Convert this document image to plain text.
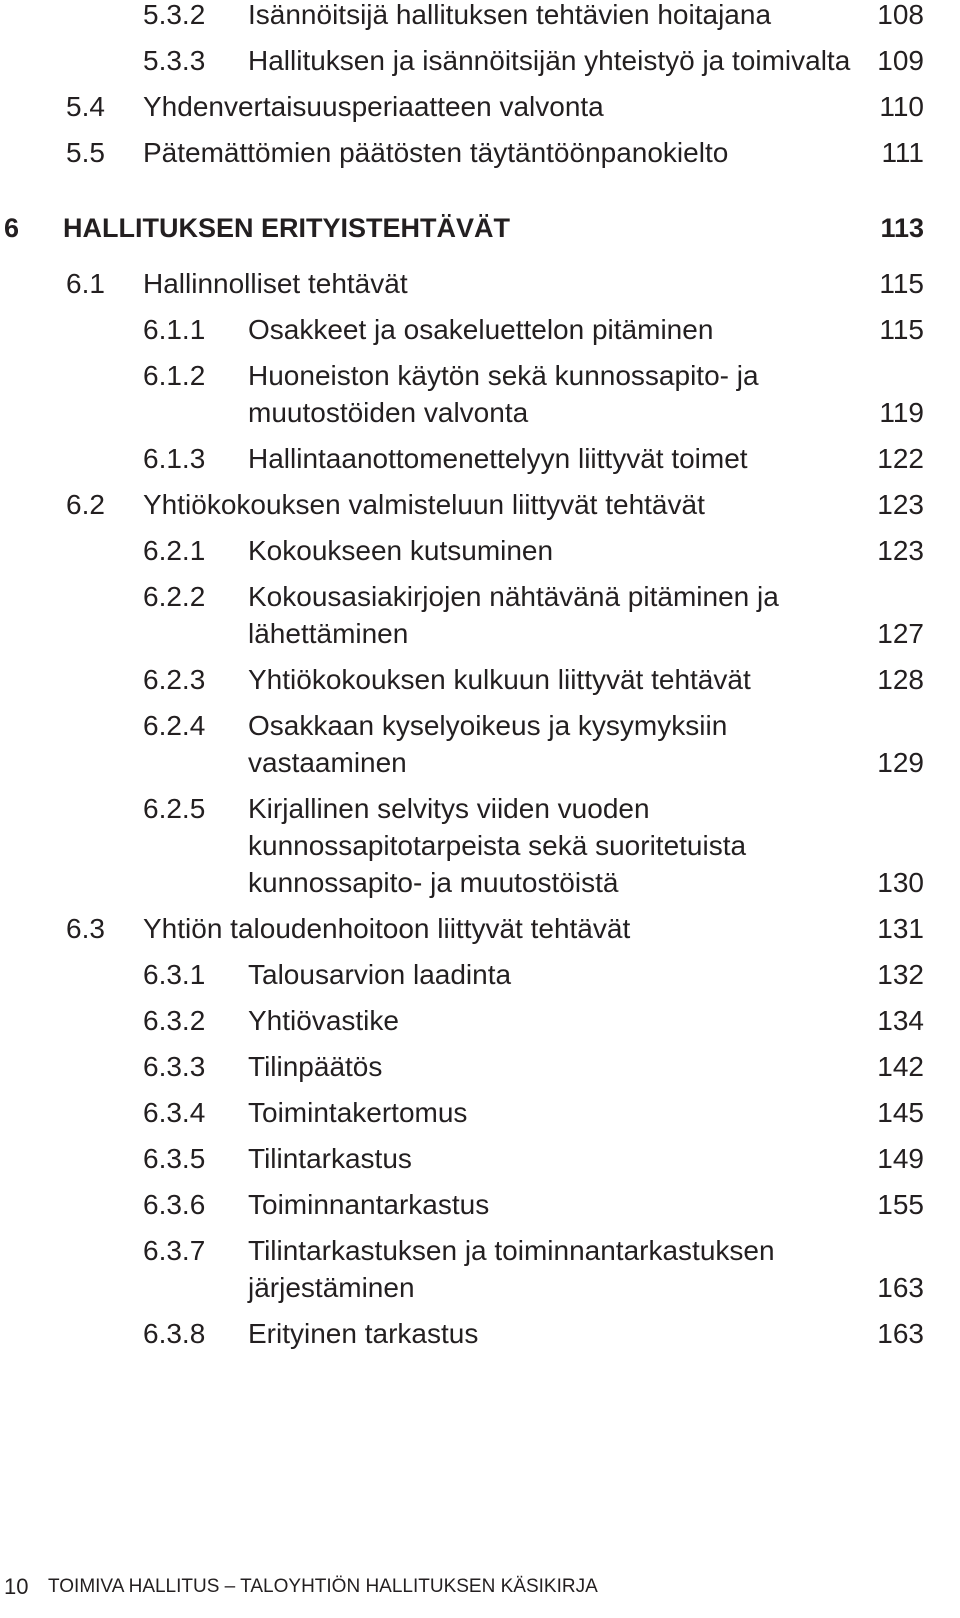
5.3.2 Isännöitsijä hallituksen tehtävien hoitajana	108
5.3.3 Hallituksen ja isännöitsijän yhteistyö ja toimivalta 109
5.4 Yhdenvertaisuusperiaatteen valvonta	110
5.5 Pätemättömien päätösten täytäntöönpanokielto	111
6 HALLITUKSEN ERITYISTEHTÄVÄT	113
6.1 Hallinnolliset tehtävät	115
6.1.1 Osakkeet ja osakeluettelon pitäminen	115
6.1.2 Huoneiston käytön sekä kunnossapito- ja
muutostöiden valvonta	119
6.1.3 Hallintaanottomenettelyyn liittyvät toimet	122
6.2 Yhtiökokouksen valmisteluun liittyvät tehtävät	123
6.2.1 Kokoukseen kutsuminen	123
6.2.2 Kokousasiakirjojen nähtävänä pitäminen ja
lähettäminen	127
6.2.3 Yhtiökokouksen kulkuun liittyvät tehtävät	128
6.2.4 Osakkaan kyselyoikeus ja kysymyksiin
vastaaminen	129
6.2.5 Kirjallinen selvitys viiden vuoden
kunnossapitotarpeista sekä suoritetuista
kunnossapito- ja muutostöistä	130
6.3 Yhtiön taloudenhoitoon liittyvät tehtävät	131
6.3.1 Talousarvion laadinta	132
6.3.2 Yhtiövastike	134
6.3.3 Tilinpäätös	142
6.3.4 Toimintakertomus	145
6.3.5 Tilintarkastus	149
6.3.6 Toiminnantarkastus	155
6.3.7 Tilintarkastuksen ja toiminnantarkastuksen
järjestäminen	163
6.3.8 Erityinen tarkastus	163
10 TOIMIVA HALLITUS – TALOYHTIÖN HALLITUKSEN KÄSIKIRJA
